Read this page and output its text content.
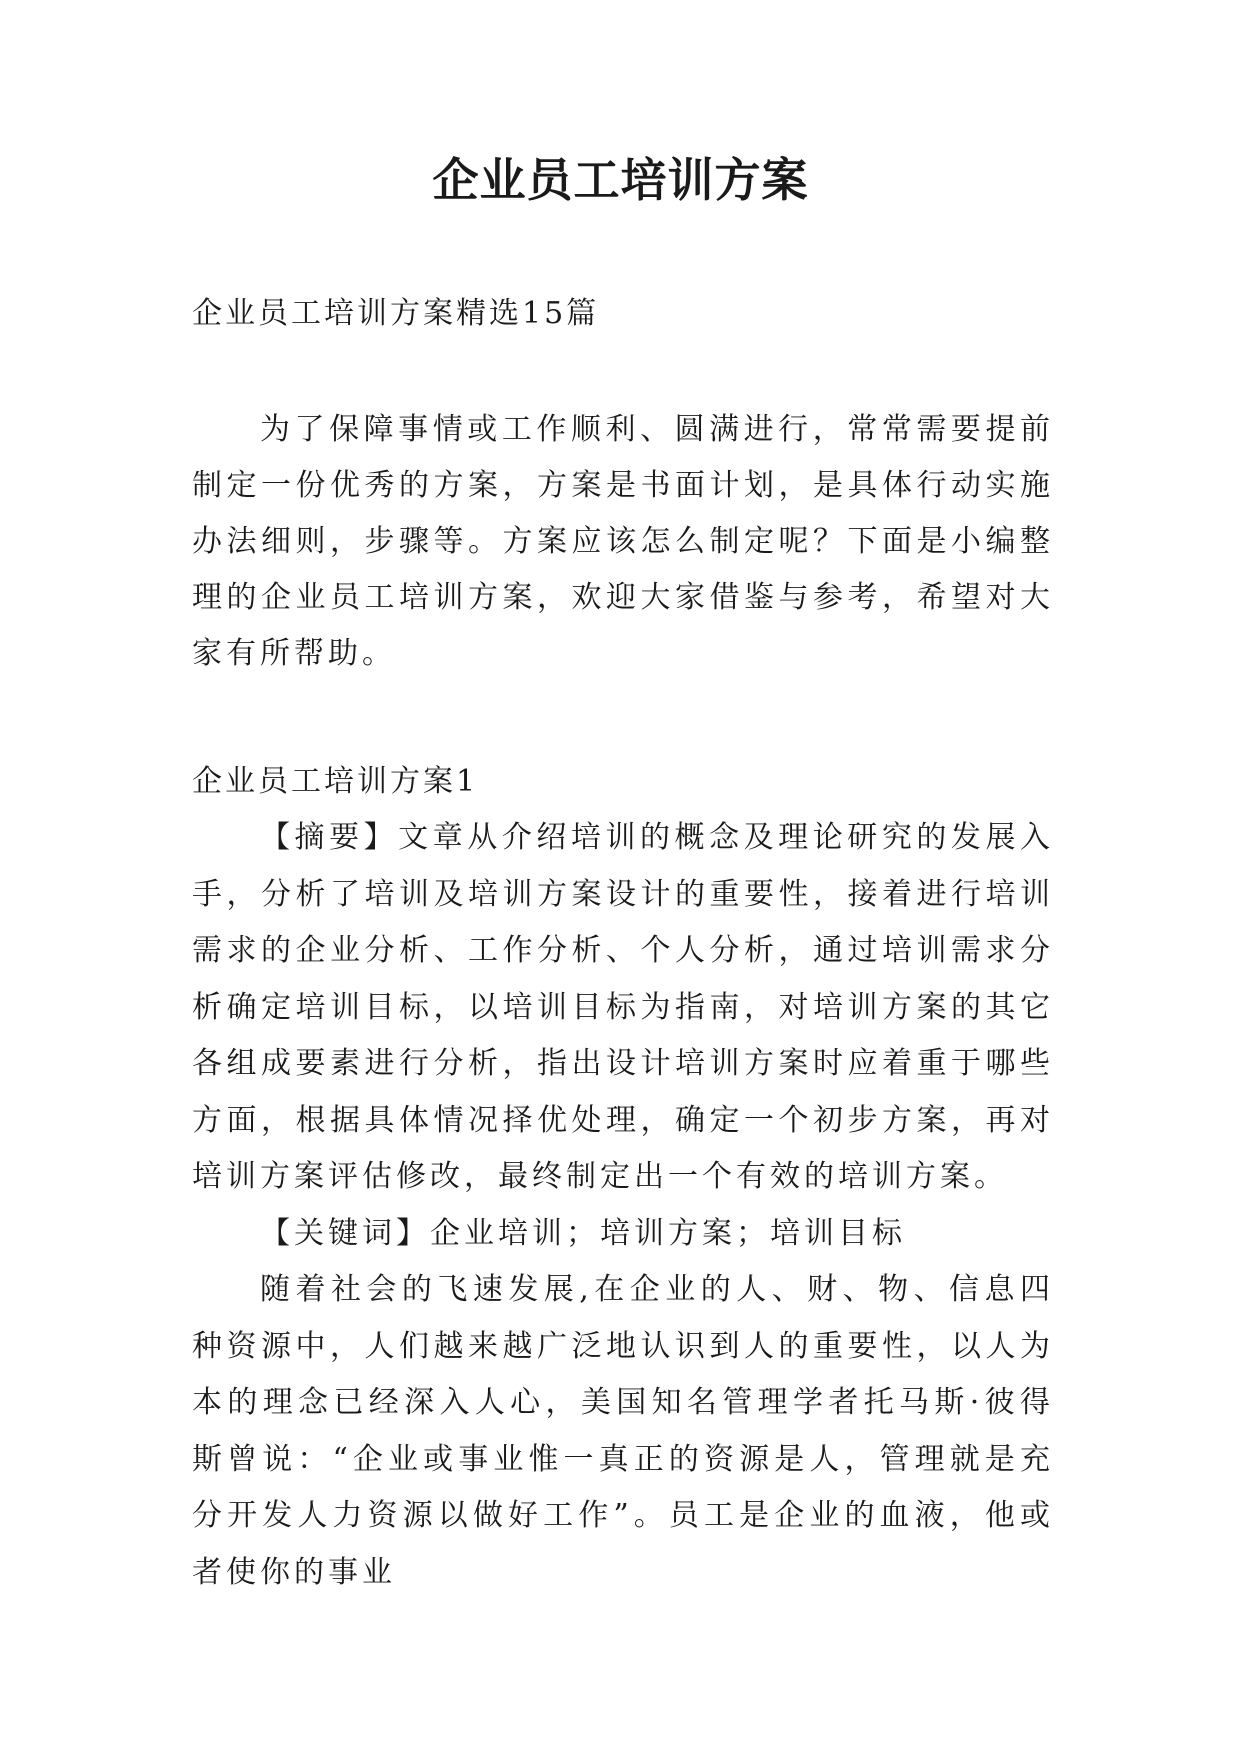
企业员工培训方案
企业员工培训方案精选15篇
为了保障事情或工作顺利、圆满进行，常常需要提前制定一份优秀的方案，方案是书面计划，是具体行动实施办法细则，步骤等。方案应该怎么制定呢？下面是小编整理的企业员工培训方案，欢迎大家借鉴与参考，希望对大家有所帮助。
企业员工培训方案1

【摘要】文章从介绍培训的概念及理论研究的发展入手，分析了培训及培训方案设计的重要性，接着进行培训需求的企业分析、工作分析、个人分析，通过培训需求分析确定培训目标，以培训目标为指南，对培训方案的其它各组成要素进行分析，指出设计培训方案时应着重于哪些方面，根据具体情况择优处理，确定一个初步方案，再对培训方案评估修改，最终制定出一个有效的培训方案。

【关键词】企业培训；培训方案；培训目标

随着社会的飞速发展,在企业的人、财、物、信息四种资源中，人们越来越广泛地认识到人的重要性，以人为本的理念已经深入人心，美国知名管理学者托马斯·彼得斯曾说：“企业或事业惟一真正的资源是人，管理就是充分开发人力资源以做好工作”。员工是企业的血液，他或者使你的事业
